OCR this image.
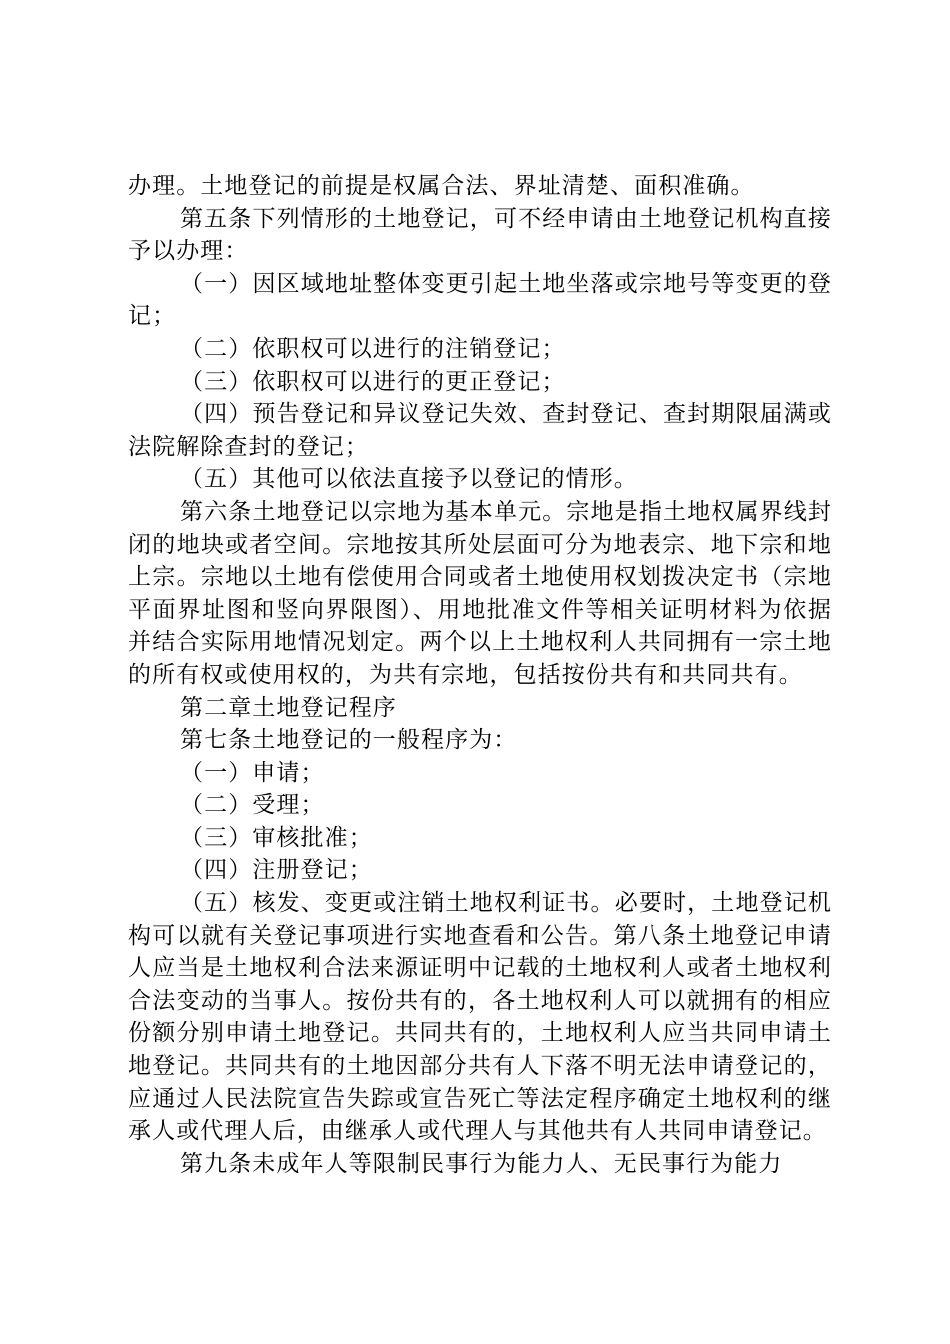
办理。土地登记的前提是权属合法、界址清楚、面积准确。

第五条下列情形的土地登记，可不经申请由土地登记机构直接予以办理：

（一）因区域地址整体变更引起土地坐落或宗地号等变更的登记；

（二）依职权可以进行的注销登记；

（三）依职权可以进行的更正登记；

（四）预告登记和异议登记失效、查封登记、查封期限届满或法院解除查封的登记；

（五）其他可以依法直接予以登记的情形。

第六条土地登记以宗地为基本单元。宗地是指土地权属界线封闭的地块或者空间。宗地按其所处层面可分为地表宗、地下宗和地上宗。宗地以土地有偿使用合同或者土地使用权划拨决定书（宗地平面界址图和竖向界限图）、用地批准文件等相关证明材料为依据并结合实际用地情况划定。两个以上土地权利人共同拥有一宗土地的所有权或使用权的，为共有宗地，包括按份共有和共同共有。

第二章土地登记程序

第七条土地登记的一般程序为：

（一）申请；

（二）受理；

（三）审核批准；

（四）注册登记；

（五）核发、变更或注销土地权利证书。必要时，土地登记机构可以就有关登记事项进行实地查看和公告。第八条土地登记申请人应当是土地权利合法来源证明中记载的土地权利人或者土地权利合法变动的当事人。按份共有的，各土地权利人可以就拥有的相应份额分别申请土地登记。共同共有的，土地权利人应当共同申请土地登记。共同共有的土地因部分共有人下落不明无法申请登记的，应通过人民法院宣告失踪或宣告死亡等法定程序确定土地权利的继承人或代理人后，由继承人或代理人与其他共有人共同申请登记。

第九条未成年人等限制民事行为能力人、无民事行为能力
